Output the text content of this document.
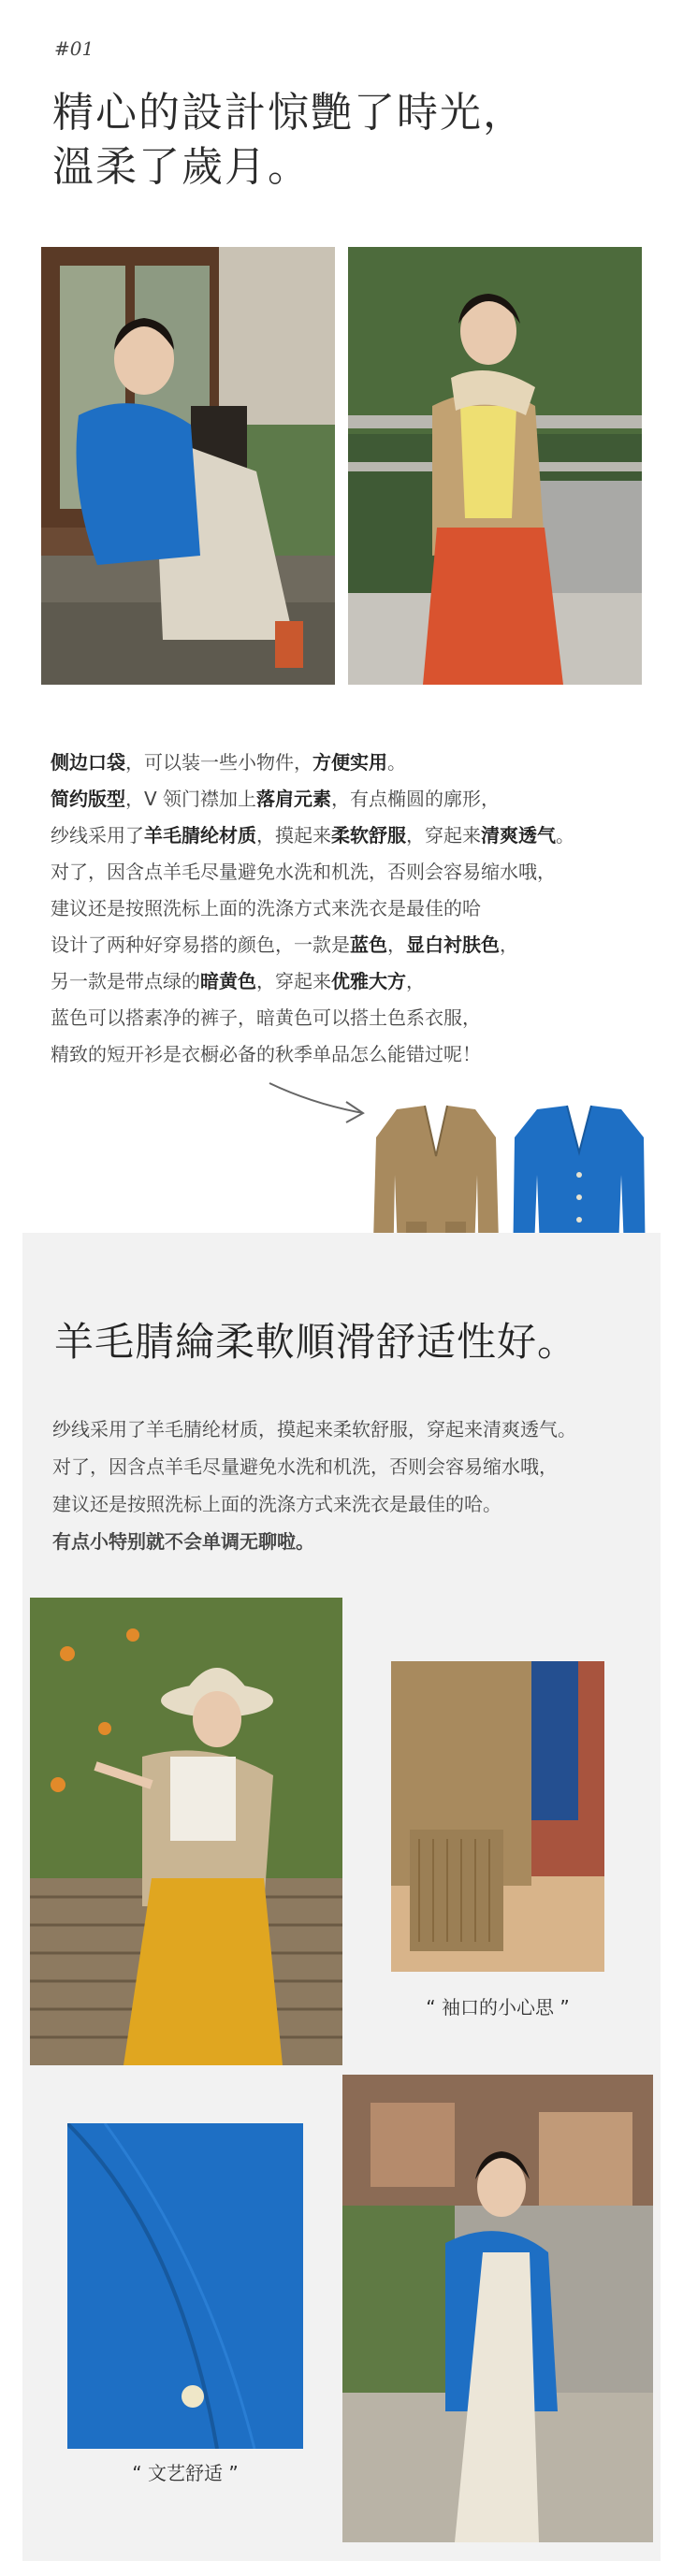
#01
精心的設計惊艷了時光，
溫柔了歲月。

侧边口袋，可以装一些小物件，方便实用。

简约版型，V 领门襟加上落肩元素，有点椭圆的廓形，

纱线采用了羊毛腈纶材质，摸起来柔软舒服，穿起来清爽透气。

对了，因含点羊毛尽量避免水洗和机洗，否则会容易缩水哦，

建议还是按照洗标上面的洗涤方式来洗衣是最佳的哈

设计了两种好穿易搭的颜色，一款是蓝色，显白衬肤色，

另一款是带点绿的暗黄色，穿起来优雅大方，

蓝色可以搭素净的裤子，暗黄色可以搭土色系衣服，

精致的短开衫是衣橱必备的秋季单品怎么能错过呢！

羊毛腈綸柔軟順滑舒适性好。

纱线采用了羊毛腈纶材质，摸起来柔软舒服，穿起来清爽透气。

对了，因含点羊毛尽量避免水洗和机洗，否则会容易缩水哦，

建议还是按照洗标上面的洗涤方式来洗衣是最佳的哈。

有点小特别就不会单调无聊啦。

“ 袖口的小心思 ”
“ 文艺舒适 ”
